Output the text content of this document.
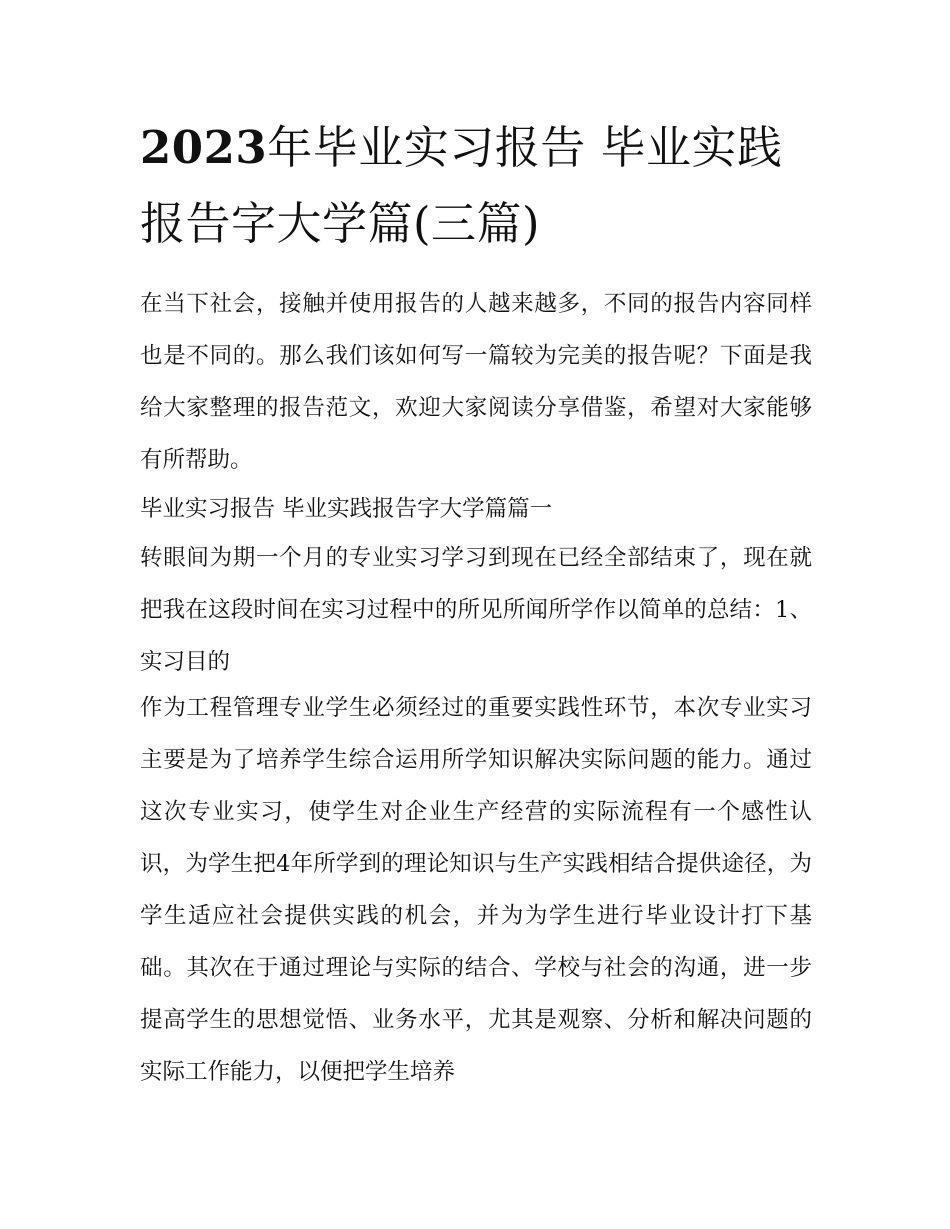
2023年毕业实习报告 毕业实践报告字大学篇(三篇)

在当下社会，接触并使用报告的人越来越多，不同的报告内容同样也是不同的。那么我们该如何写一篇较为完美的报告呢？下面是我给大家整理的报告范文，欢迎大家阅读分享借鉴，希望对大家能够有所帮助。

毕业实习报告 毕业实践报告字大学篇篇一

转眼间为期一个月的专业实习学习到现在已经全部结束了，现在就把我在这段时间在实习过程中的所见所闻所学作以简单的总结：1、实习目的

作为工程管理专业学生必须经过的重要实践性环节，本次专业实习主要是为了培养学生综合运用所学知识解决实际问题的能力。通过这次专业实习，使学生对企业生产经营的实际流程有一个感性认识，为学生把4年所学到的理论知识与生产实践相结合提供途径，为学生适应社会提供实践的机会，并为为学生进行毕业设计打下基础。其次在于通过理论与实际的结合、学校与社会的沟通，进一步提高学生的思想觉悟、业务水平，尤其是观察、分析和解决问题的实际工作能力，以便把学生培养
